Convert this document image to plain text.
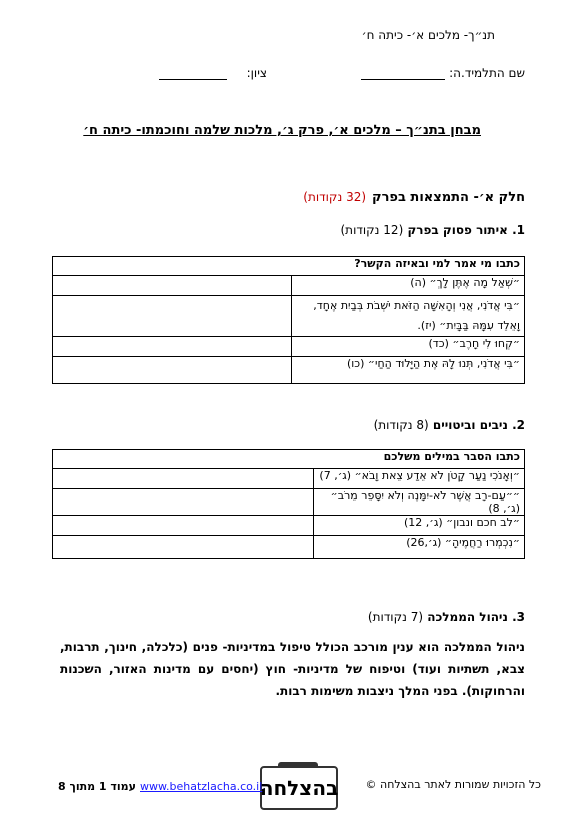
תנ״ך- מלכים א׳- כיתה ח׳
שם התלמיד.ה:
ציון:
מבחן בתנ״ך – מלכים א׳, פרק ג׳, מלכות שלמה וחוכמתו- כיתה ח׳
חלק א׳- התמצאות בפרק(32 נקודות)
1. איתור פסוק בפרק (12 נקודות)
כתבו מי אמר למי ובאיזה הקשר?	
״שְׁאַל מָה אֶתֶּן לָךְ״ (ה)	
״בִּי אֲדֹנִי, אֲנִי וְהָאִשָּׁה הַזֹּאת יֹשְׁבֹת בְּבַיִת אֶחָד, וָאֵלֵד עִמָּהּ בַּבָּיִת״ (יז).	
״קְחוּ לִי חָרֶב״ (כד)	
״בִּי אֲדֹנִי, תְּנוּ לָהּ אֶת הַיָּלוּד הַחַי״ (כו)	
2. ניבים וביטויים (8 נקודות)
כתבו הסבר במילים משלכם	
״וְאָנֹכִי נַעַר קָטֹן לֹא אֵדַע צֵאת וָבֹא״ (ג׳, 7)	
״״עַם-רָב אֲשֶׁר לֹא-יִמָּנֶה וְלֹא יִסָּפֵר מֵרֹב״ (ג׳, 8)	
״לב חכם ונבון״ (ג׳, 12)	
״נִכְמְרוּ רַחֲמֶיהָ״ (ג׳,26)	
3. ניהול הממלכה (7 נקודות)
ניהול הממלכה הוא ענין מורכב הכולל טיפול במדיניות- פנים (כלכלה, חינוך, תרבות, צבא, תשתיות ועוד) וטיפוח של מדיניות- חוץ (יחסים עם מדינות האזור, השכנות והרחוקות). בפני המלך ניצבות משימות רבות.
כל הזכויות שמורות לאתר בהצלחה ©
בהצלחה
www.behatzlacha.co.il
עמוד 1 מתוך 8
